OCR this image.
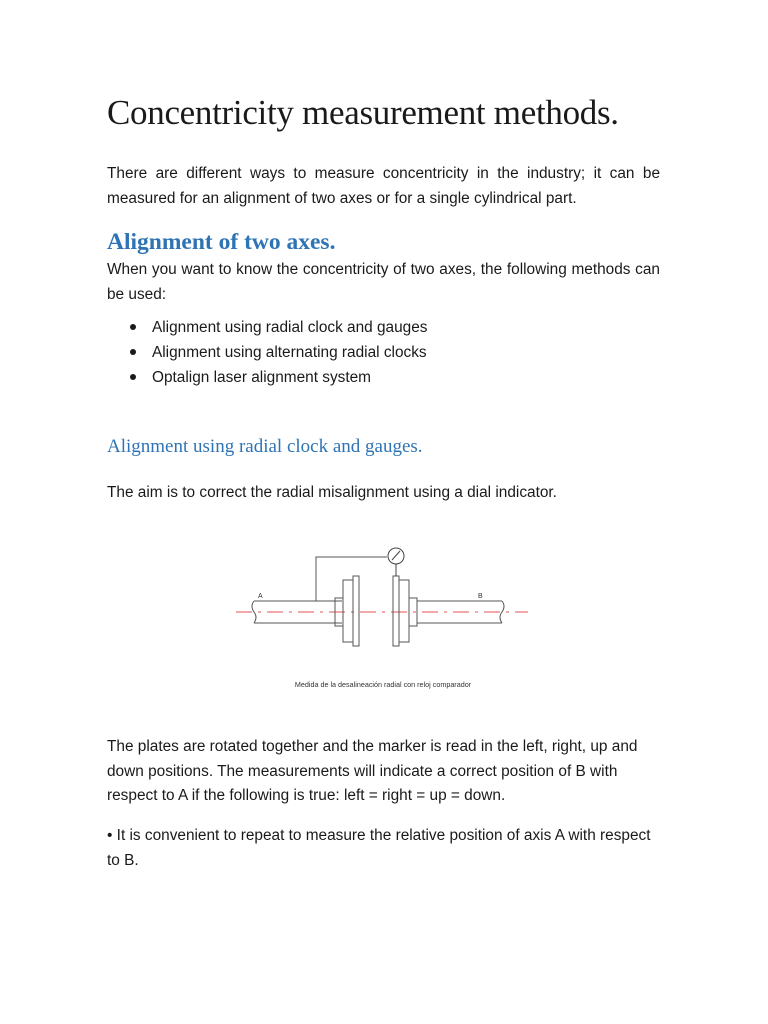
Concentricity measurement methods.

There are different ways to measure concentricity in the industry; it can be measured for an alignment of two axes or for a single cylindrical part.

Alignment of two axes.

When you want to know the concentricity of two axes, the following methods can be used:

Alignment using radial clock and gauges
Alignment using alternating radial clocks
Optalign laser alignment system
Alignment using radial clock and gauges.

The aim is to correct the radial misalignment using a dial indicator.

A	B
Medida de la desalineación radial con reloj comparador

The plates are rotated together and the marker is read in the left, right, up and down positions. The measurements will indicate a correct position of B with respect to A if the following is true: left = right = up = down.

• It is convenient to repeat to measure the relative position of axis A with respect to B.
